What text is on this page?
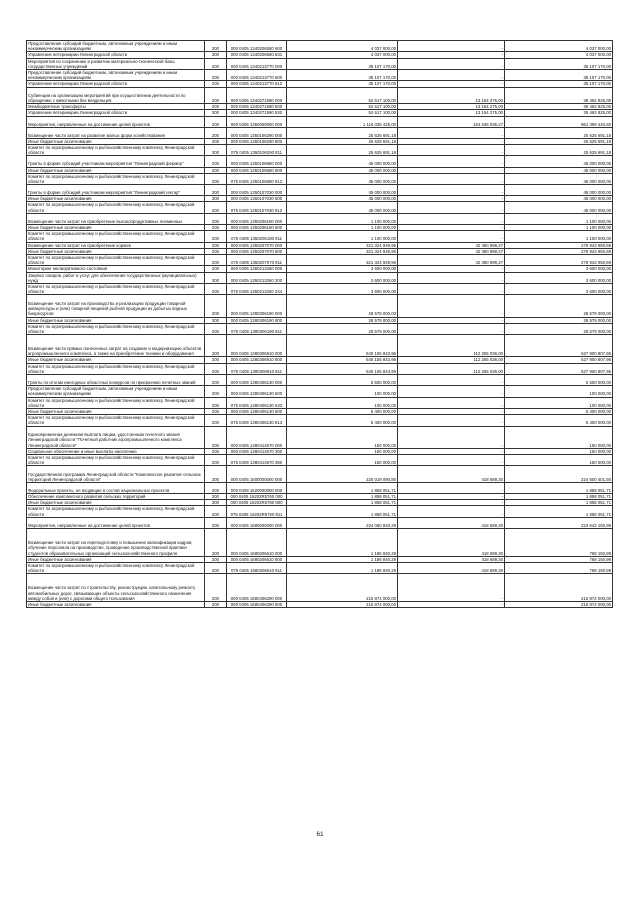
Предоставление субсидий бюджетным, автономным учреждениям и иным некоммерческим организациям	200	000 0405 1340206580 600	4 037 000,00	-	4 037 000,00
Управление ветеринарии Ленинградской области	200	000 0405 1340206580 631	4 037 000,00	-	4 037 000,00
Мероприятия по сохранению и развитию материально-технической базы государственных учреждений	200	000 0405 1340213770 000	35 107 170,00	-	35 107 170,00
Предоставление субсидий бюджетным, автономным учреждениям и иным некоммерческим организациям	200	000 0405 1340213770 600	35 107 170,00	-	35 107 170,00
Управление ветеринарии Ленинградской области	200	000 0405 1340213770 612	35 107 170,00	-	35 107 170,00
Субвенции на организацию мероприятий при осуществлении деятельности по обращению с животными без владельцев	200	000 0405 1340271590 000	52 617 100,00	13 154 275,00	39 462 825,00
Межбюджетные трансферты	200	000 0405 1340271590 500	52 617 100,00	13 154 275,00	39 462 825,00
Управление ветеринарии Ленинградской области	200	000 0405 1340271590 530	52 617 100,00	13 154 275,00	39 462 825,00
Мероприятия, направленные на достижение целей проектов	200	000 0405 1350000000 000	1 116 035 425,00	154 636 035,27	961 399 440,60
Возмещение части затрат на развитие малых форм хозяйствования	200	000 0405 1350106290 000	25 625 691,18	-	25 625 691,18
Иные бюджетные ассигнования	200	000 0405 1350106290 800	25 625 691,18	-	25 625 691,18
Комитет по агропромышленному и рыбохозяйственному комплексу Ленинградской области	200	075 0405 1350106290 811	25 625 691,18	-	25 625 691,18
Гранты в форме субсидий участникам мероприятия "Ленинградский фермер"	200	000 0405 1350106580 000	45 000 000,00	-	45 000 000,00
Иные бюджетные ассигнования	200	000 0405 1350106580 800	45 000 000,00	-	45 000 000,00
Комитет по агропромышленному и рыбохозяйственному комплексу Ленинградской области	200	075 0405 1350106580 812	45 000 000,00	-	45 000 000,00
Гранты в форме субсидий участникам мероприятия "Ленинградский гектар"	200	000 0405 1350107030 000	45 000 000,00	-	45 000 000,00
Иные бюджетные ассигнования	200	000 0405 1350107030 800	45 000 000,00	-	45 000 000,00
Комитет по агропромышленному и рыбохозяйственному комплексу Ленинградской области	200	075 0405 1350107030 812	45 000 000,00	-	45 000 000,00
Возмещение части затрат на приобретение высокопродуктивных племенных	200	000 0405 1350206180 000	1 100 000,00	-	1 100 000,00
Иные бюджетные ассигнования	200	000 0405 1350206180 800	1 100 000,00	-	1 100 000,00
Комитет по агропромышленному и рыбохозяйственному комплексу Ленинградской области	200	075 0405 1350206180 811	1 100 000,00	-	1 100 000,00
Возмещение части затрат на приобретение кормов	200	000 0405 1350207070 000	321 324 949,96	42 380 999,27	278 943 950,69
Иные бюджетные ассигнования	200	000 0405 1350207070 800	321 324 949,96	42 380 999,27	278 943 950,69
Комитет по агропромышленному и рыбохозяйственному комплексу Ленинградской области	200	075 0405 1350207070 811	321 324 949,96	42 380 999,27	278 943 950,69
Мониторинг мелиоративного состояния	200	000 0405 1350213260 000	3 600 000,00	-	3 600 000,00
Закупка товаров, работ и услуг для обеспечения государственных (муниципальных) нужд	200	000 0405 1350213260 200	3 600 000,00	-	3 600 000,00
Комитет по агропромышленному и рыбохозяйственному комплексу Ленинградской области	200	075 0405 1350213260 244	3 600 000,00	-	3 600 000,00
Возмещение части затрат на производство и реализацию продукции товарной аквакультуры и (или) товарной пищевой рыбной продукции из добытых водных биоресурсов	200	000 0405 1380306190 000	28 579 000,00	-	28 579 000,00
Иные бюджетные ассигнования	200	000 0405 1380306190 800	28 579 000,00	-	28 579 000,00
Комитет по агропромышленному и рыбохозяйственному комплексу Ленинградской области	200	075 0405 1380306190 811	28 579 000,00	-	28 579 000,00
Возмещение части прямых понесенных затрат на создание и модернизацию объектов агропромышленного комплекса, а также на приобретение техники и оборудования	200	000 0405 1380306910 000	640 155 843,96	112 255 036,00	527 900 807,96
Иные бюджетные ассигнования	200	000 0405 1380306910 800	640 155 843,96	112 255 036,00	527 900 807,96
Комитет по агропромышленному и рыбохозяйственному комплексу Ленинградской области	200	075 0405 1380306910 811	640 155 843,96	112 255 036,00	527 900 807,96
Гранты по итогам ежегодных областных конкурсов по присвоению почетных званий	200	000 0405 1380406130 000	5 500 000,00	-	5 500 000,00
Предоставление субсидий бюджетным, автономным учреждениям и иным некоммерческим организациям	200	000 0405 1380406130 600	100 000,00	-	100 000,00
Комитет по агропромышленному и рыбохозяйственному комплексу Ленинградской области	200	075 0405 1380406130 633	100 000,00	-	100 000,00
Иные бюджетные ассигнования	200	000 0405 1380406130 800	5 400 000,00	-	5 400 000,00
Комитет по агропромышленному и рыбохозяйственному комплексу Ленинградской области	200	075 0405 1380406130 813	5 400 000,00	-	5 400 000,00
Единовременная денежная выплата лицам, удостоенным почетного звания Ленинградской области "Почетный работник агропромышленного комплекса Ленинградской области"	200	000 0405 1380414570 000	150 000,00	-	150 000,00
Социальное обеспечение и иные выплаты населению	200	000 0405 1380414570 300	150 000,00	-	150 000,00
Комитет по агропромышленному и рыбохозяйственному комплексу Ленинградской области	200	075 0405 1380414570 350	150 000,00	-	150 000,00
Государственная программа Ленинградской области "Комплексное развитие сельских территорий Ленинградской области"	200	000 0405 1600000000 000	225 019 090,80	418 689,30	224 600 401,50
Федеральные проекты, не входящие в состав национальных проектов	200	000 0405 1620000000 000	1 858 051,71	-	1 858 051,71
Обеспечение комплексного развития сельских территорий	200	000 0405 16202R5760 000	1 858 051,71	-	1 858 051,71
Иные бюджетные ассигнования	200	000 0405 16202R5760 800	1 858 051,71	-	1 858 051,71
Комитет по агропромышленному и рыбохозяйственному комплексу Ленинградской области	200	075 0405 16202R5760 811	1 858 051,71	-	1 858 051,71
Мероприятия, направленные на достижение целей проектов	200	000 0405 1680000000 000	224 060 840,29	418 689,30	223 642 150,99
Возмещение части затрат на переподготовку и повышение квалификации кадров, обучение персонала на производстве, проведение производственной практики студентов образовательных организаций сельскохозяйственного профиля	200	000 0405 1680206610 000	1 186 840,29	418 689,30	768 150,99
Иные бюджетные ассигнования	200	000 0405 1680206610 800	1 186 840,29	418 689,30	768 150,99
Комитет по агропромышленному и рыбохозяйственному комплексу Ленинградской области	200	075 0405 1680206610 811	1 186 840,29	418 689,30	768 150,99
Возмещение части затрат по строительству, реконструкции, капитальному ремонту автомобильных дорог, связывающих объекты сельскохозяйственного назначения между собой и (или) с дорогами общего пользования	200	000 0405 1680406290 000	215 874 000,00	-	215 874 000,00
Иные бюджетные ассигнования	200	000 0405 1680406290 800	215 874 000,00	-	215 874 000,00
61
